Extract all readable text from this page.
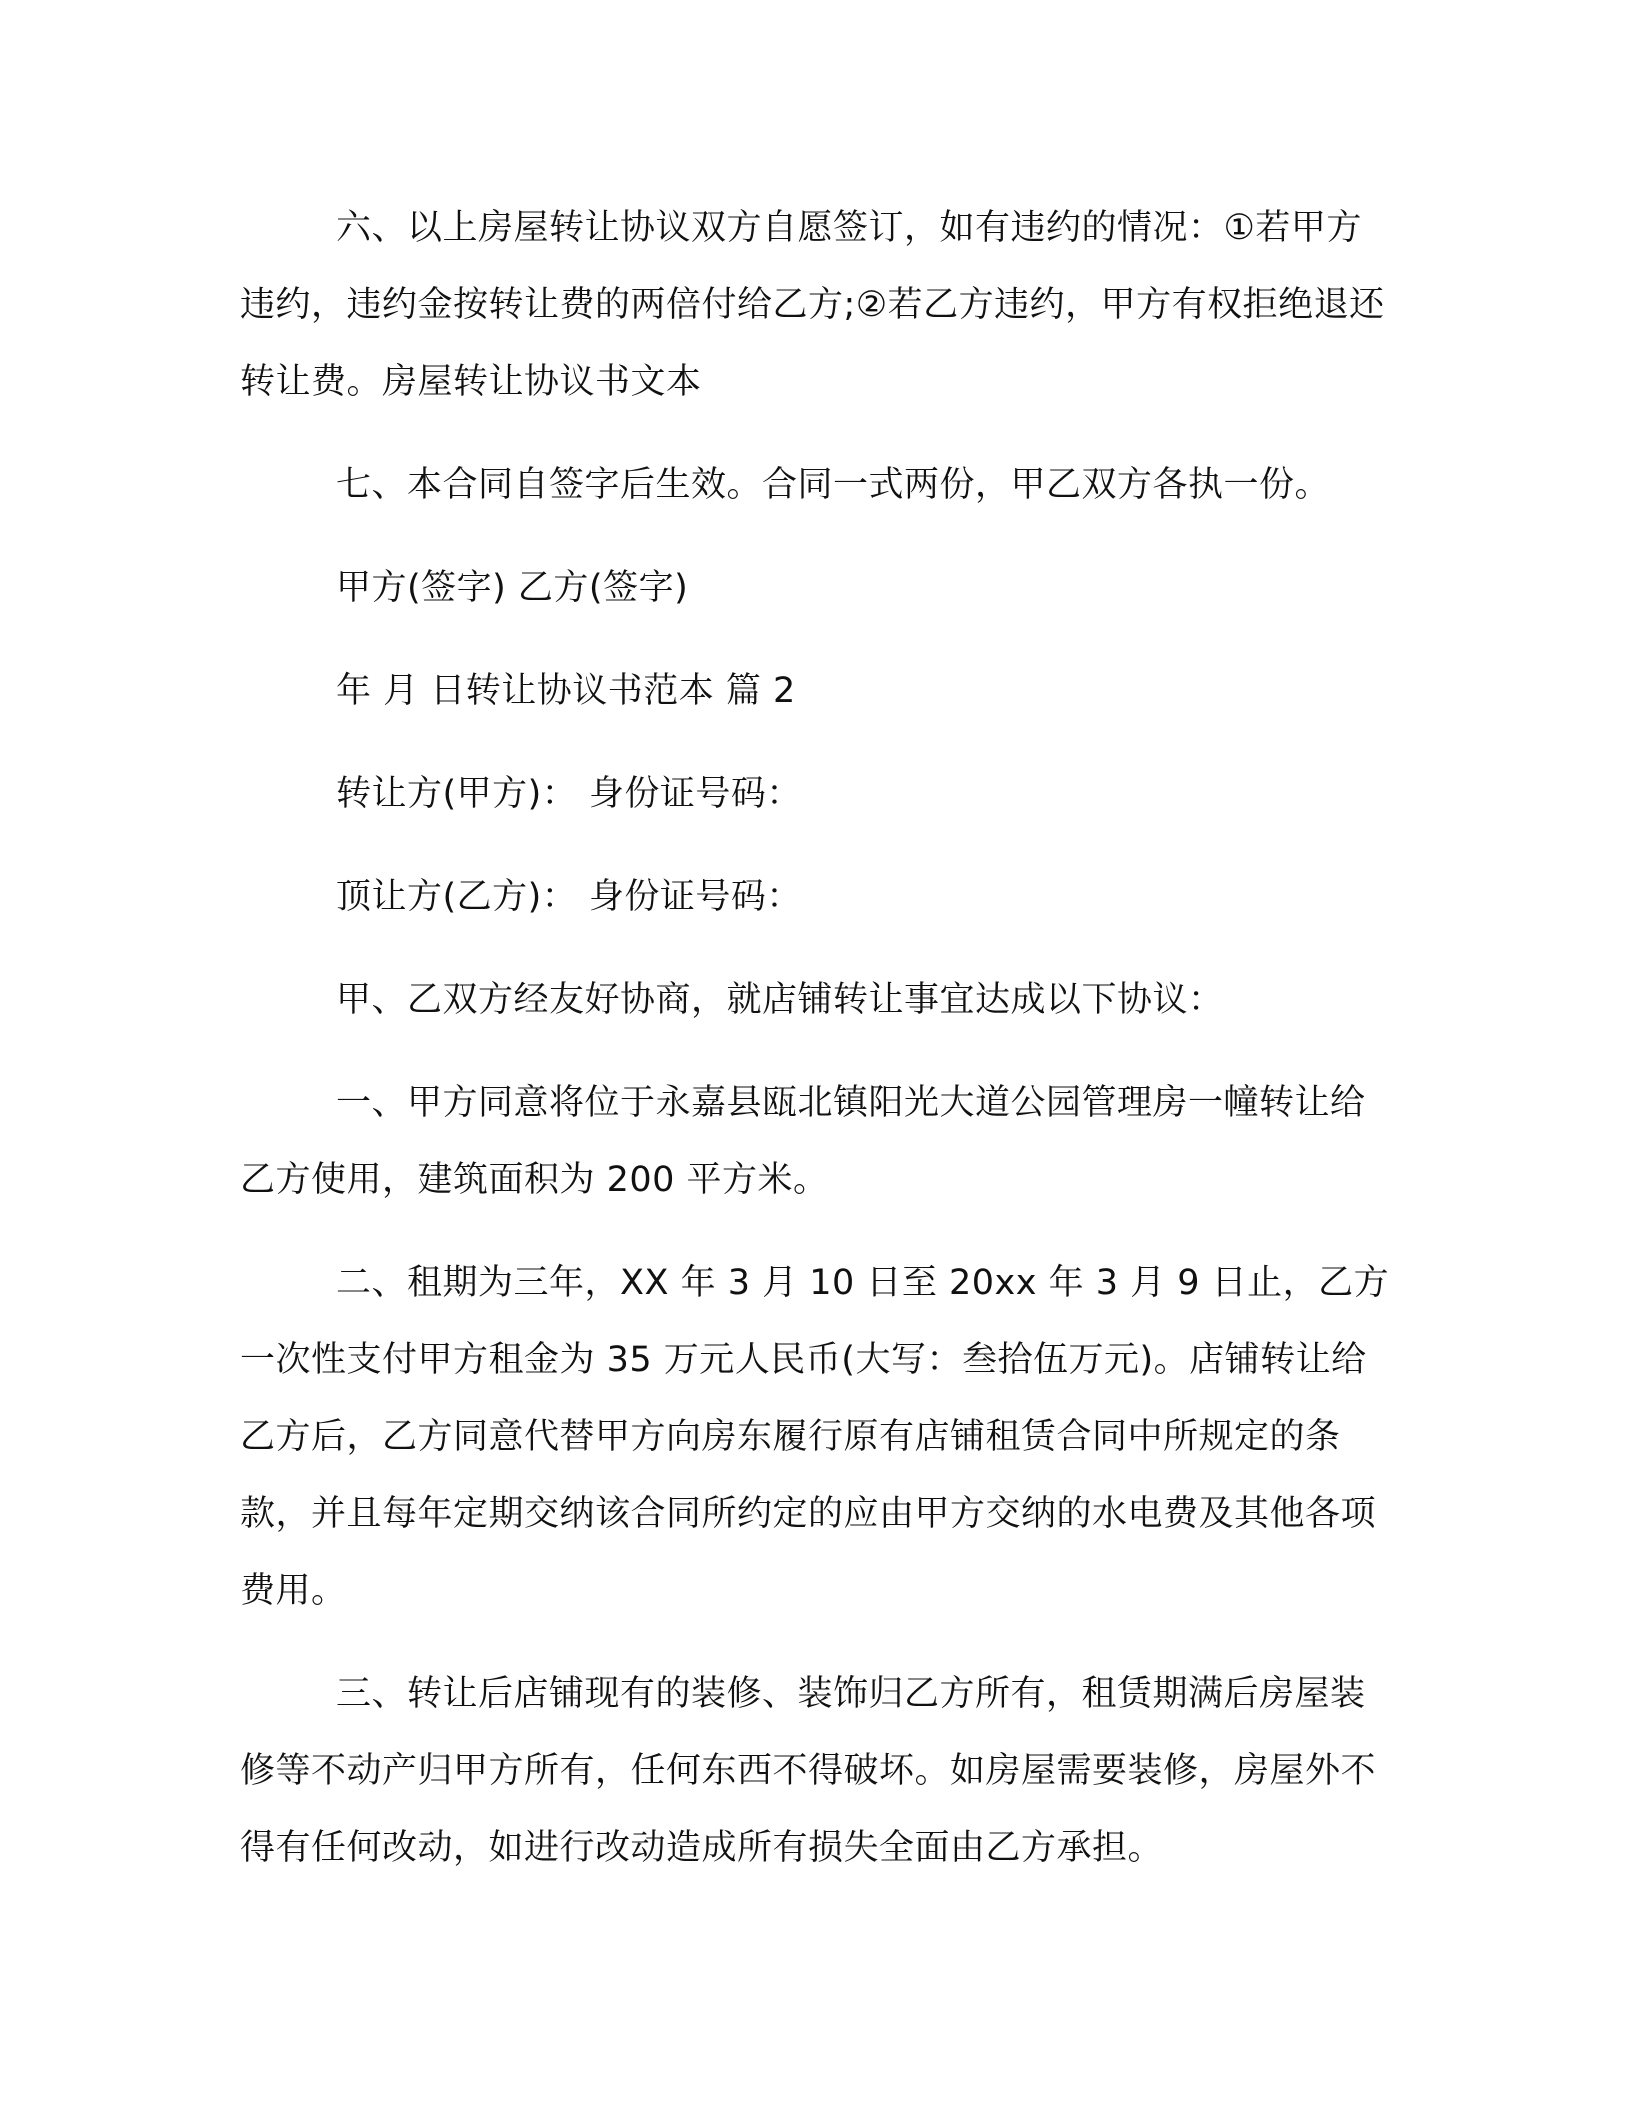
六、以上房屋转让协议双方自愿签订，如有违约的情况：①若甲方违约，违约金按转让费的两倍付给乙方;②若乙方违约，甲方有权拒绝退还转让费。房屋转让协议书文本

七、本合同自签字后生效。合同一式两份，甲乙双方各执一份。

甲方(签字) 乙方(签字)

年 月 日转让协议书范本 篇 2

转让方(甲方)： 身份证号码：

顶让方(乙方)： 身份证号码：

甲、乙双方经友好协商，就店铺转让事宜达成以下协议：

一、甲方同意将位于永嘉县瓯北镇阳光大道公园管理房一幢转让给乙方使用，建筑面积为 200 平方米。

二、租期为三年，XX 年 3 月 10 日至 20xx 年 3 月 9 日止，乙方一次性支付甲方租金为 35 万元人民币(大写：叁拾伍万元)。店铺转让给乙方后，乙方同意代替甲方向房东履行原有店铺租赁合同中所规定的条款，并且每年定期交纳该合同所约定的应由甲方交纳的水电费及其他各项费用。

三、转让后店铺现有的装修、装饰归乙方所有，租赁期满后房屋装修等不动产归甲方所有，任何东西不得破坏。如房屋需要装修，房屋外不得有任何改动，如进行改动造成所有损失全面由乙方承担。
